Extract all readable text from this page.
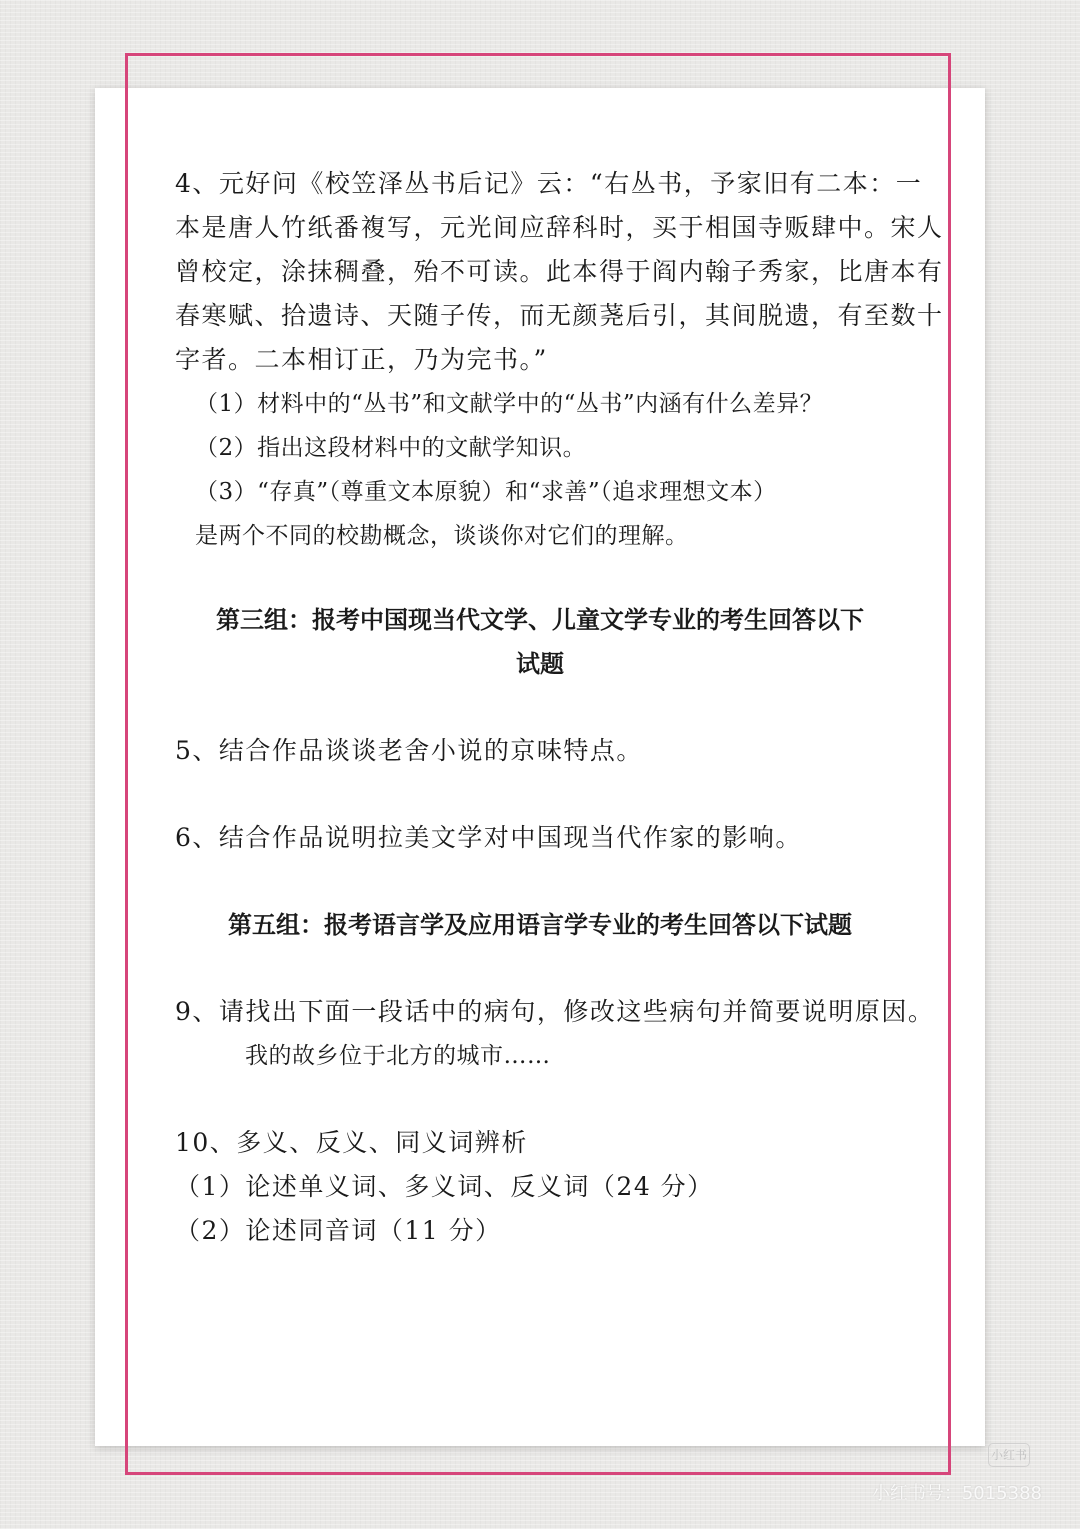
4、元好问《校笠泽丛书后记》云：“右丛书，予家旧有二本：一
本是唐人竹纸番複写，元光间应辞科时，买于相国寺贩肆中。宋人
曾校定，涂抹稠叠，殆不可读。此本得于阎内翰子秀家，比唐本有
春寒赋、拾遗诗、天随子传，而无颜荛后引，其间脱遗，有至数十
字者。二本相订正，乃为完书。”
（1）材料中的“丛书”和文献学中的“丛书”内涵有什么差异？
（2）指出这段材料中的文献学知识。
（3）“存真”（尊重文本原貌）和“求善”（追求理想文本）
是两个不同的校勘概念，谈谈你对它们的理解。
第三组：报考中国现当代文学、儿童文学专业的考生回答以下
试题
5、结合作品谈谈老舍小说的京味特点。
6、结合作品说明拉美文学对中国现当代作家的影响。
第五组：报考语言学及应用语言学专业的考生回答以下试题
9、请找出下面一段话中的病句，修改这些病句并简要说明原因。
我的故乡位于北方的城市……
10、多义、反义、同义词辨析
（1）论述单义词、多义词、反义词（24 分）
（2）论述同音词（11 分）
小红书
小红书号：5015388
